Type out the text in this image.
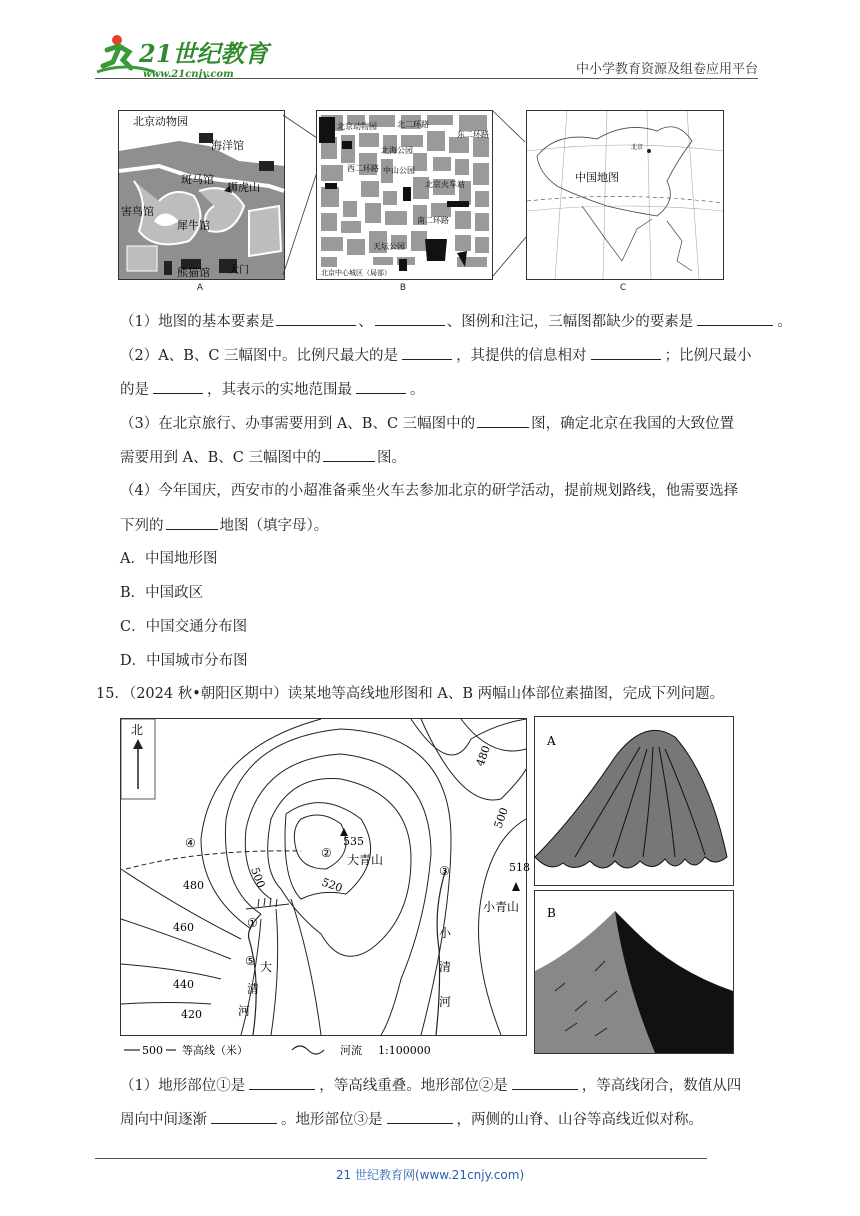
21世纪教育
www.21cnjy.com	中小学教育资源及组卷应用平台
北京动物园
海洋馆
斑马馆
狮虎山
害鸟馆
犀牛馆
熊猫馆 大门
A
北京动物园	北二环路
东二环路
北海公园
西二环路 中山公园
北京火车站
南二环路
天坛公园
北京中心城区（局部）
B
中国地图
北京
C
（1）地图的基本要素是	、	、图例和注记，三幅图都缺少的要素是	。
（2）A、B、C 三幅图中。比例尺最大的是	，其提供的信息相对	；比例尺最小
的是	，其表示的实地范围最	。
（3）在北京旅行、办事需要用到 A、B、C 三幅图中的	图，确定北京在我国的大致位置
需要用到 A、B、C 三幅图中的	图。
（4）今年国庆，西安市的小超准备乘坐火车去参加北京的研学活动，提前规划路线，他需要选择
下列的	地图（填字母）。
A．中国地形图
B．中国政区
C．中国交通分布图
D．中国城市分布图
15．（2024 秋•朝阳区期中）读某地等高线地形图和 A、B 两幅山体部位素描图，完成下列问题。
北
480
500
535
520
500
480
460
440
420
518
①
②
③
④
⑤
大青山
小青山
小
清
河
大
清
河
500 等高线（米）	河流 1:100000
A
B
（1）地形部位①是	，等高线重叠。地形部位②是	，等高线闭合，数值从四
周向中间逐渐	。地形部位③是	，两侧的山脊、山谷等高线近似对称。
21 世纪教育网(www.21cnjy.com)
